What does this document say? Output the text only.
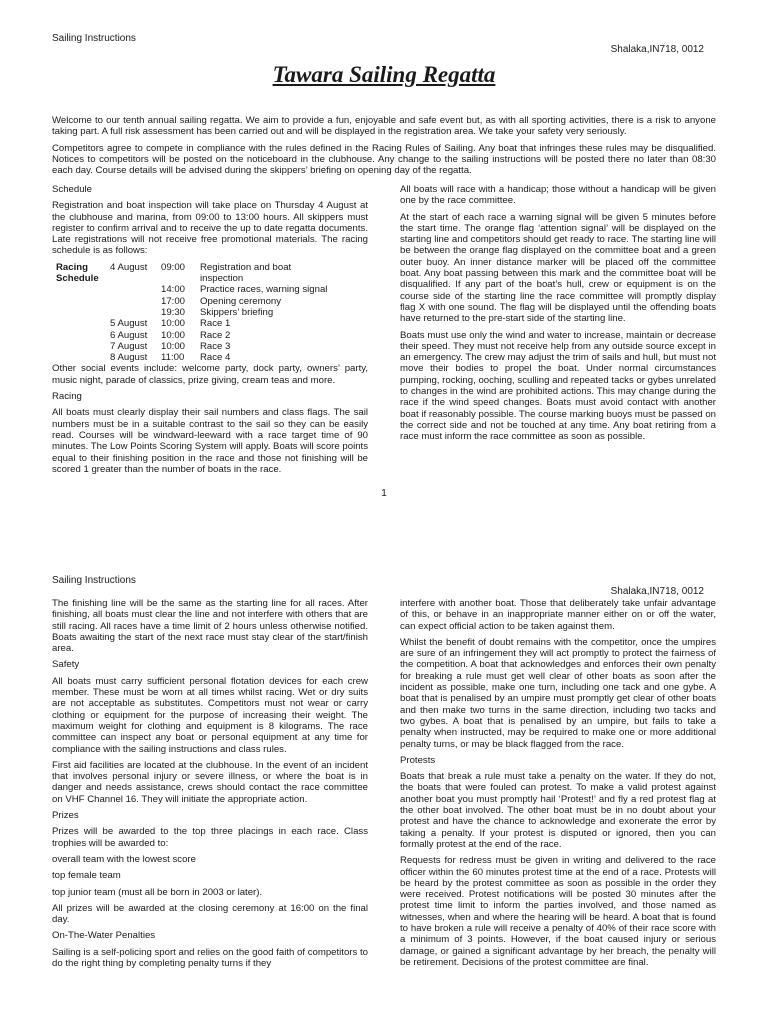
Sailing Instructions
Shalaka,IN718, 0012
Tawara Sailing Regatta

Welcome to our tenth annual sailing regatta. We aim to provide a fun, enjoyable and safe event but, as with all sporting activities, there is a risk to anyone taking part. A full risk assessment has been carried out and will be displayed in the registration area. We take your safety very seriously.

Competitors agree to compete in compliance with the rules defined in the Racing Rules of Sailing. Any boat that infringes these rules may be disqualified. Notices to competitors will be posted on the noticeboard in the clubhouse. Any change to the sailing instructions will be posted there no later than 08:30 each day. Course details will be advised during the skippers’ briefing on opening day of the regatta.

Schedule

Registration and boat inspection will take place on Thursday 4 August at the clubhouse and marina, from 09:00 to 13:00 hours. All skippers must register to confirm arrival and to receive the up to date regatta documents. Late registrations will not receive free promotional materials. The racing schedule is as follows:

Racing	4 August	09:00	Registration and boat
Schedule			inspection
		14:00	Practice races, warning signal
		17:00	Opening ceremony
		19:30	Skippers’ briefing
	5 August	10:00	Race 1
	6 August	10:00	Race 2
	7 August	10:00	Race 3
	8 August	11:00	Race 4

Other social events include: welcome party, dock party, owners’ party, music night, parade of classics, prize giving, cream teas and more.

Racing

All boats must clearly display their sail numbers and class flags. The sail numbers must be in a suitable contrast to the sail so they can be easily read. Courses will be windward-leeward with a race target time of 90 minutes. The Low Points Scoring System will apply. Boats will score points equal to their finishing position in the race and those not finishing will be scored 1 greater than the number of boats in the race.

All boats will race with a handicap; those without a handicap will be given one by the race committee.

At the start of each race a warning signal will be given 5 minutes before the start time. The orange flag ‘attention signal’ will be displayed on the starting line and competitors should get ready to race. The starting line will be between the orange flag displayed on the committee boat and a green outer buoy. An inner distance marker will be placed off the committee boat. Any boat passing between this mark and the committee boat will be disqualified. If any part of the boat’s hull, crew or equipment is on the course side of the starting line the race committee will promptly display flag X with one sound. The flag will be displayed until the offending boats have returned to the pre-start side of the starting line.

Boats must use only the wind and water to increase, maintain or decrease their speed. They must not receive help from any outside source except in an emergency. The crew may adjust the trim of sails and hull, but must not move their bodies to propel the boat. Under normal circumstances pumping, rocking, ooching, sculling and repeated tacks or gybes unrelated to changes in the wind are prohibited actions. This may change during the race if the wind speed changes. Boats must avoid contact with another boat if reasonably possible. The course marking buoys must be passed on the correct side and not be touched at any time. Any boat retiring from a race must inform the race committee as soon as possible.

1
Sailing Instructions
Shalaka,IN718, 0012

The finishing line will be the same as the starting line for all races. After finishing, all boats must clear the line and not interfere with others that are still racing. All races have a time limit of 2 hours unless otherwise notified. Boats awaiting the start of the next race must stay clear of the start/finish area.

Safety

All boats must carry sufficient personal flotation devices for each crew member. These must be worn at all times whilst racing. Wet or dry suits are not acceptable as substitutes. Competitors must not wear or carry clothing or equipment for the purpose of increasing their weight. The maximum weight for clothing and equipment is 8 kilograms. The race committee can inspect any boat or personal equipment at any time for compliance with the sailing instructions and class rules.

First aid facilities are located at the clubhouse. In the event of an incident that involves personal injury or severe illness, or where the boat is in danger and needs assistance, crews should contact the race committee on VHF Channel 16. They will initiate the appropriate action.

Prizes

Prizes will be awarded to the top three placings in each race. Class trophies will be awarded to:

overall team with the lowest score

top female team

top junior team (must all be born in 2003 or later).

All prizes will be awarded at the closing ceremony at 16:00 on the final day.

On-The-Water Penalties

Sailing is a self-policing sport and relies on the good faith of competitors to do the right thing by completing penalty turns if they

interfere with another boat. Those that deliberately take unfair advantage of this, or behave in an inappropriate manner either on or off the water, can expect official action to be taken against them.

Whilst the benefit of doubt remains with the competitor, once the umpires are sure of an infringement they will act promptly to protect the fairness of the competition. A boat that acknowledges and enforces their own penalty for breaking a rule must get well clear of other boats as soon after the incident as possible, make one turn, including one tack and one gybe. A boat that is penalised by an umpire must promptly get clear of other boats and then make two turns in the same direction, including two tacks and two gybes. A boat that is penalised by an umpire, but fails to take a penalty when instructed, may be required to make one or more additional penalty turns, or may be black flagged from the race.

Protests

Boats that break a rule must take a penalty on the water. If they do not, the boats that were fouled can protest. To make a valid protest against another boat you must promptly hail ‘Protest!’ and fly a red protest flag at the other boat involved. The other boat must be in no doubt about your protest and have the chance to acknowledge and exonerate the error by taking a penalty. If your protest is disputed or ignored, then you can formally protest at the end of the race.

Requests for redress must be given in writing and delivered to the race officer within the 60 minutes protest time at the end of a race. Protests will be heard by the protest committee as soon as possible in the order they were received. Protest notifications will be posted 30 minutes after the protest time limit to inform the parties involved, and those named as witnesses, when and where the hearing will be heard. A boat that is found to have broken a rule will receive a penalty of 40% of their race score with a minimum of 3 points. However, if the boat caused injury or serious damage, or gained a significant advantage by her breach, the penalty will be retirement. Decisions of the protest committee are final.
